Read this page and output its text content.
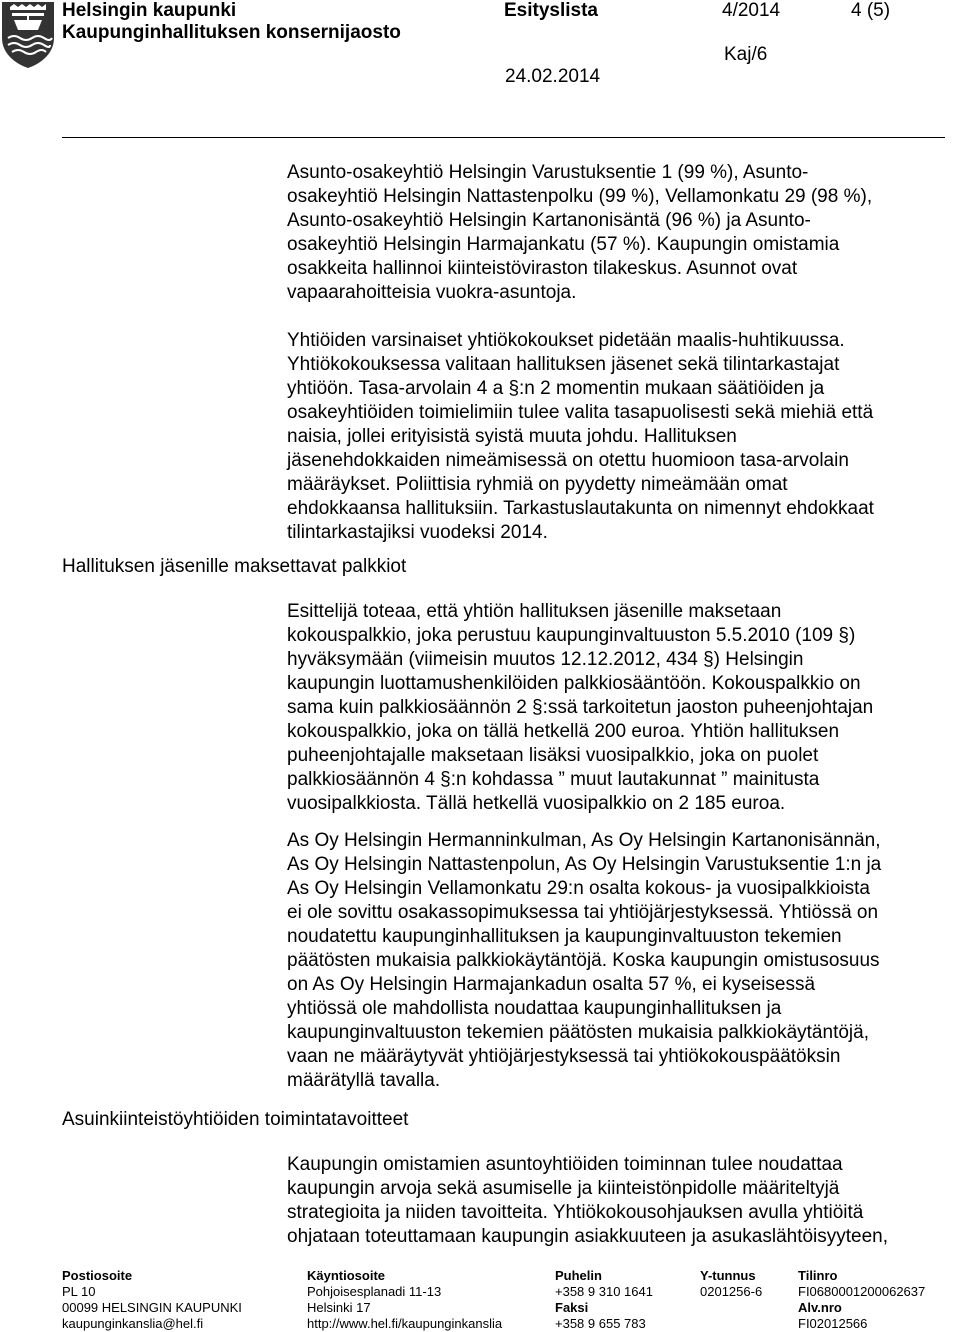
Helsingin kaupunki
Kaupunginhallituksen konsernijaosto
Esityslista	4/2014	4 (5)
Kaj/6
24.02.2014
Hallituksen jäsenille maksettavat palkkiot
Asuinkiinteistöyhtiöiden toimintatavoitteet
Asunto-osakeyhtiö Helsingin Varustuksentie 1 (99 %), Asunto-
osakeyhtiö Helsingin Nattastenpolku (99 %), Vellamonkatu 29 (98 %),
Asunto-osakeyhtiö Helsingin Kartanonisäntä (96 %) ja Asunto-
osakeyhtiö Helsingin Harmajankatu (57 %). Kaupungin omistamia
osakkeita hallinnoi kiinteistöviraston tilakeskus. Asunnot ovat
vapaarahoitteisia vuokra-asuntoja.
Yhtiöiden varsinaiset yhtiökokoukset pidetään maalis-huhtikuussa.
Yhtiökokouksessa valitaan hallituksen jäsenet sekä tilintarkastajat
yhtiöön. Tasa-arvolain 4 a §:n 2 momentin mukaan säätiöiden ja
osakeyhtiöiden toimielimiin tulee valita tasapuolisesti sekä miehiä että
naisia, jollei erityisistä syistä muuta johdu. Hallituksen
jäsenehdokkaiden nimeämisessä on otettu huomioon tasa-arvolain
määräykset. Poliittisia ryhmiä on pyydetty nimeämään omat
ehdokkaansa hallituksiin. Tarkastuslautakunta on nimennyt ehdokkaat
tilintarkastajiksi vuodeksi 2014.
Esittelijä toteaa, että yhtiön hallituksen jäsenille maksetaan
kokouspalkkio, joka perustuu kaupunginvaltuuston 5.5.2010 (109 §)
hyväksymään (viimeisin muutos 12.12.2012, 434 §) Helsingin
kaupungin luottamushenkilöiden palkkiosääntöön. Kokouspalkkio on
sama kuin palkkiosäännön 2 §:ssä tarkoitetun jaoston puheenjohtajan
kokouspalkkio, joka on tällä hetkellä 200 euroa. Yhtiön hallituksen
puheenjohtajalle maksetaan lisäksi vuosipalkkio, joka on puolet
palkkiosäännön 4 §:n kohdassa ” muut lautakunnat ” mainitusta
vuosipalkkiosta. Tällä hetkellä vuosipalkkio on 2 185 euroa.
As Oy Helsingin Hermanninkulman, As Oy Helsingin Kartanonisännän,
As Oy Helsingin Nattastenpolun, As Oy Helsingin Varustuksentie 1:n ja
As Oy Helsingin Vellamonkatu 29:n osalta kokous- ja vuosipalkkioista
ei ole sovittu osakassopimuksessa tai yhtiöjärjestyksessä. Yhtiössä on
noudatettu kaupunginhallituksen ja kaupunginvaltuuston tekemien
päätösten mukaisia palkkiokäytäntöjä. Koska kaupungin omistusosuus
on As Oy Helsingin Harmajankadun osalta 57 %, ei kyseisessä
yhtiössä ole mahdollista noudattaa kaupunginhallituksen ja
kaupunginvaltuuston tekemien päätösten mukaisia palkkiokäytäntöjä,
vaan ne määräytyvät yhtiöjärjestyksessä tai yhtiökokouspäätöksin
määrätyllä tavalla.
Kaupungin omistamien asuntoyhtiöiden toiminnan tulee noudattaa
kaupungin arvoja sekä asumiselle ja kiinteistönpidolle määriteltyjä
strategioita ja niiden tavoitteita. Yhtiökokousohjauksen avulla yhtiöitä
ohjataan toteuttamaan kaupungin asiakkuuteen ja asukaslähtöisyyteen,
Postiosoite
PL 10
00099 HELSINGIN KAUPUNKI
kaupunginkanslia@hel.fi
Käyntiosoite
Pohjoisesplanadi 11-13
Helsinki 17
http://www.hel.fi/kaupunginkanslia
Puhelin
+358 9 310 1641
Faksi
+358 9 655 783
Y-tunnus
0201256-6
Tilinro
FI0680001200062637
Alv.nro
FI02012566
